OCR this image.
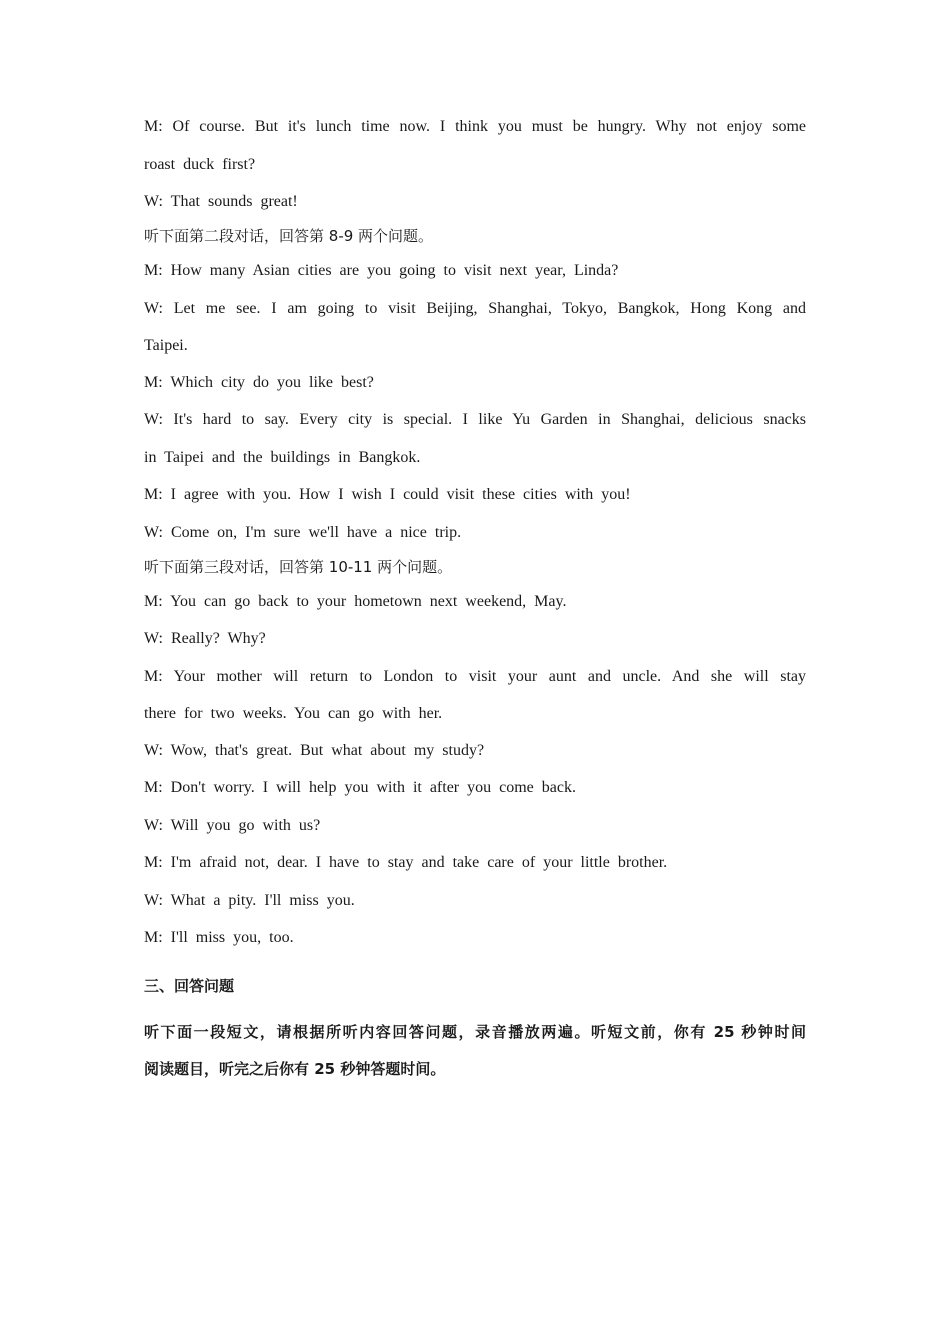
M: Of course. But it's lunch time now. I think you must be hungry. Why not enjoy some
roast duck first?
W: That sounds great!
听下面第二段对话，回答第 8-9 两个问题。
M: How many Asian cities are you going to visit next year, Linda?
W: Let me see. I am going to visit Beijing, Shanghai, Tokyo, Bangkok, Hong Kong and
Taipei.
M: Which city do you like best?
W: It's hard to say. Every city is special. I like Yu Garden in Shanghai, delicious snacks
in Taipei and the buildings in Bangkok.
M: I agree with you. How I wish I could visit these cities with you!
W: Come on, I'm sure we'll have a nice trip.
听下面第三段对话，回答第 10-11 两个问题。
M: You can go back to your hometown next weekend, May.
W: Really? Why?
M: Your mother will return to London to visit your aunt and uncle. And she will stay
there for two weeks. You can go with her.
W: Wow, that's great. But what about my study?
M: Don't worry. I will help you with it after you come back.
W: Will you go with us?
M: I'm afraid not, dear. I have to stay and take care of your little brother.
W: What a pity. I'll miss you.
M: I'll miss you, too.
三、回答问题
听下面一段短文，请根据所听内容回答问题，录音播放两遍。听短文前，你有 25 秒钟时间
阅读题目，听完之后你有 25 秒钟答题时间。
